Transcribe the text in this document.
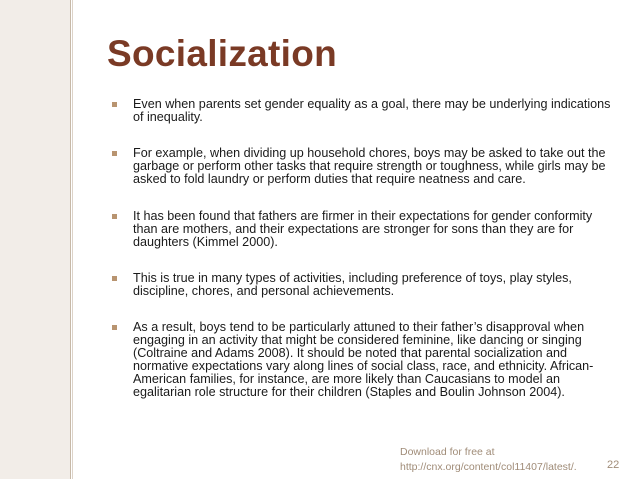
Socialization
Even when parents set gender equality as a goal, there may be underlying indications of inequality.
For example, when dividing up household chores, boys may be asked to take out the garbage or perform other tasks that require strength or toughness, while girls may be asked to fold laundry or perform duties that require neatness and care.
It has been found that fathers are firmer in their expectations for gender conformity than are mothers, and their expectations are stronger for sons than they are for daughters (Kimmel 2000).
This is true in many types of activities, including preference of toys, play styles, discipline, chores, and personal achievements.
As a result, boys tend to be particularly attuned to their father’s disapproval when engaging in an activity that might be considered feminine, like dancing or singing (Coltraine and Adams 2008). It should be noted that parental socialization and normative expectations vary along lines of social class, race, and ethnicity. African-American families, for instance, are more likely than Caucasians to model an egalitarian role structure for their children (Staples and Boulin Johnson 2004).
Download for free at
http://cnx.org/content/col11407/latest/.	22
